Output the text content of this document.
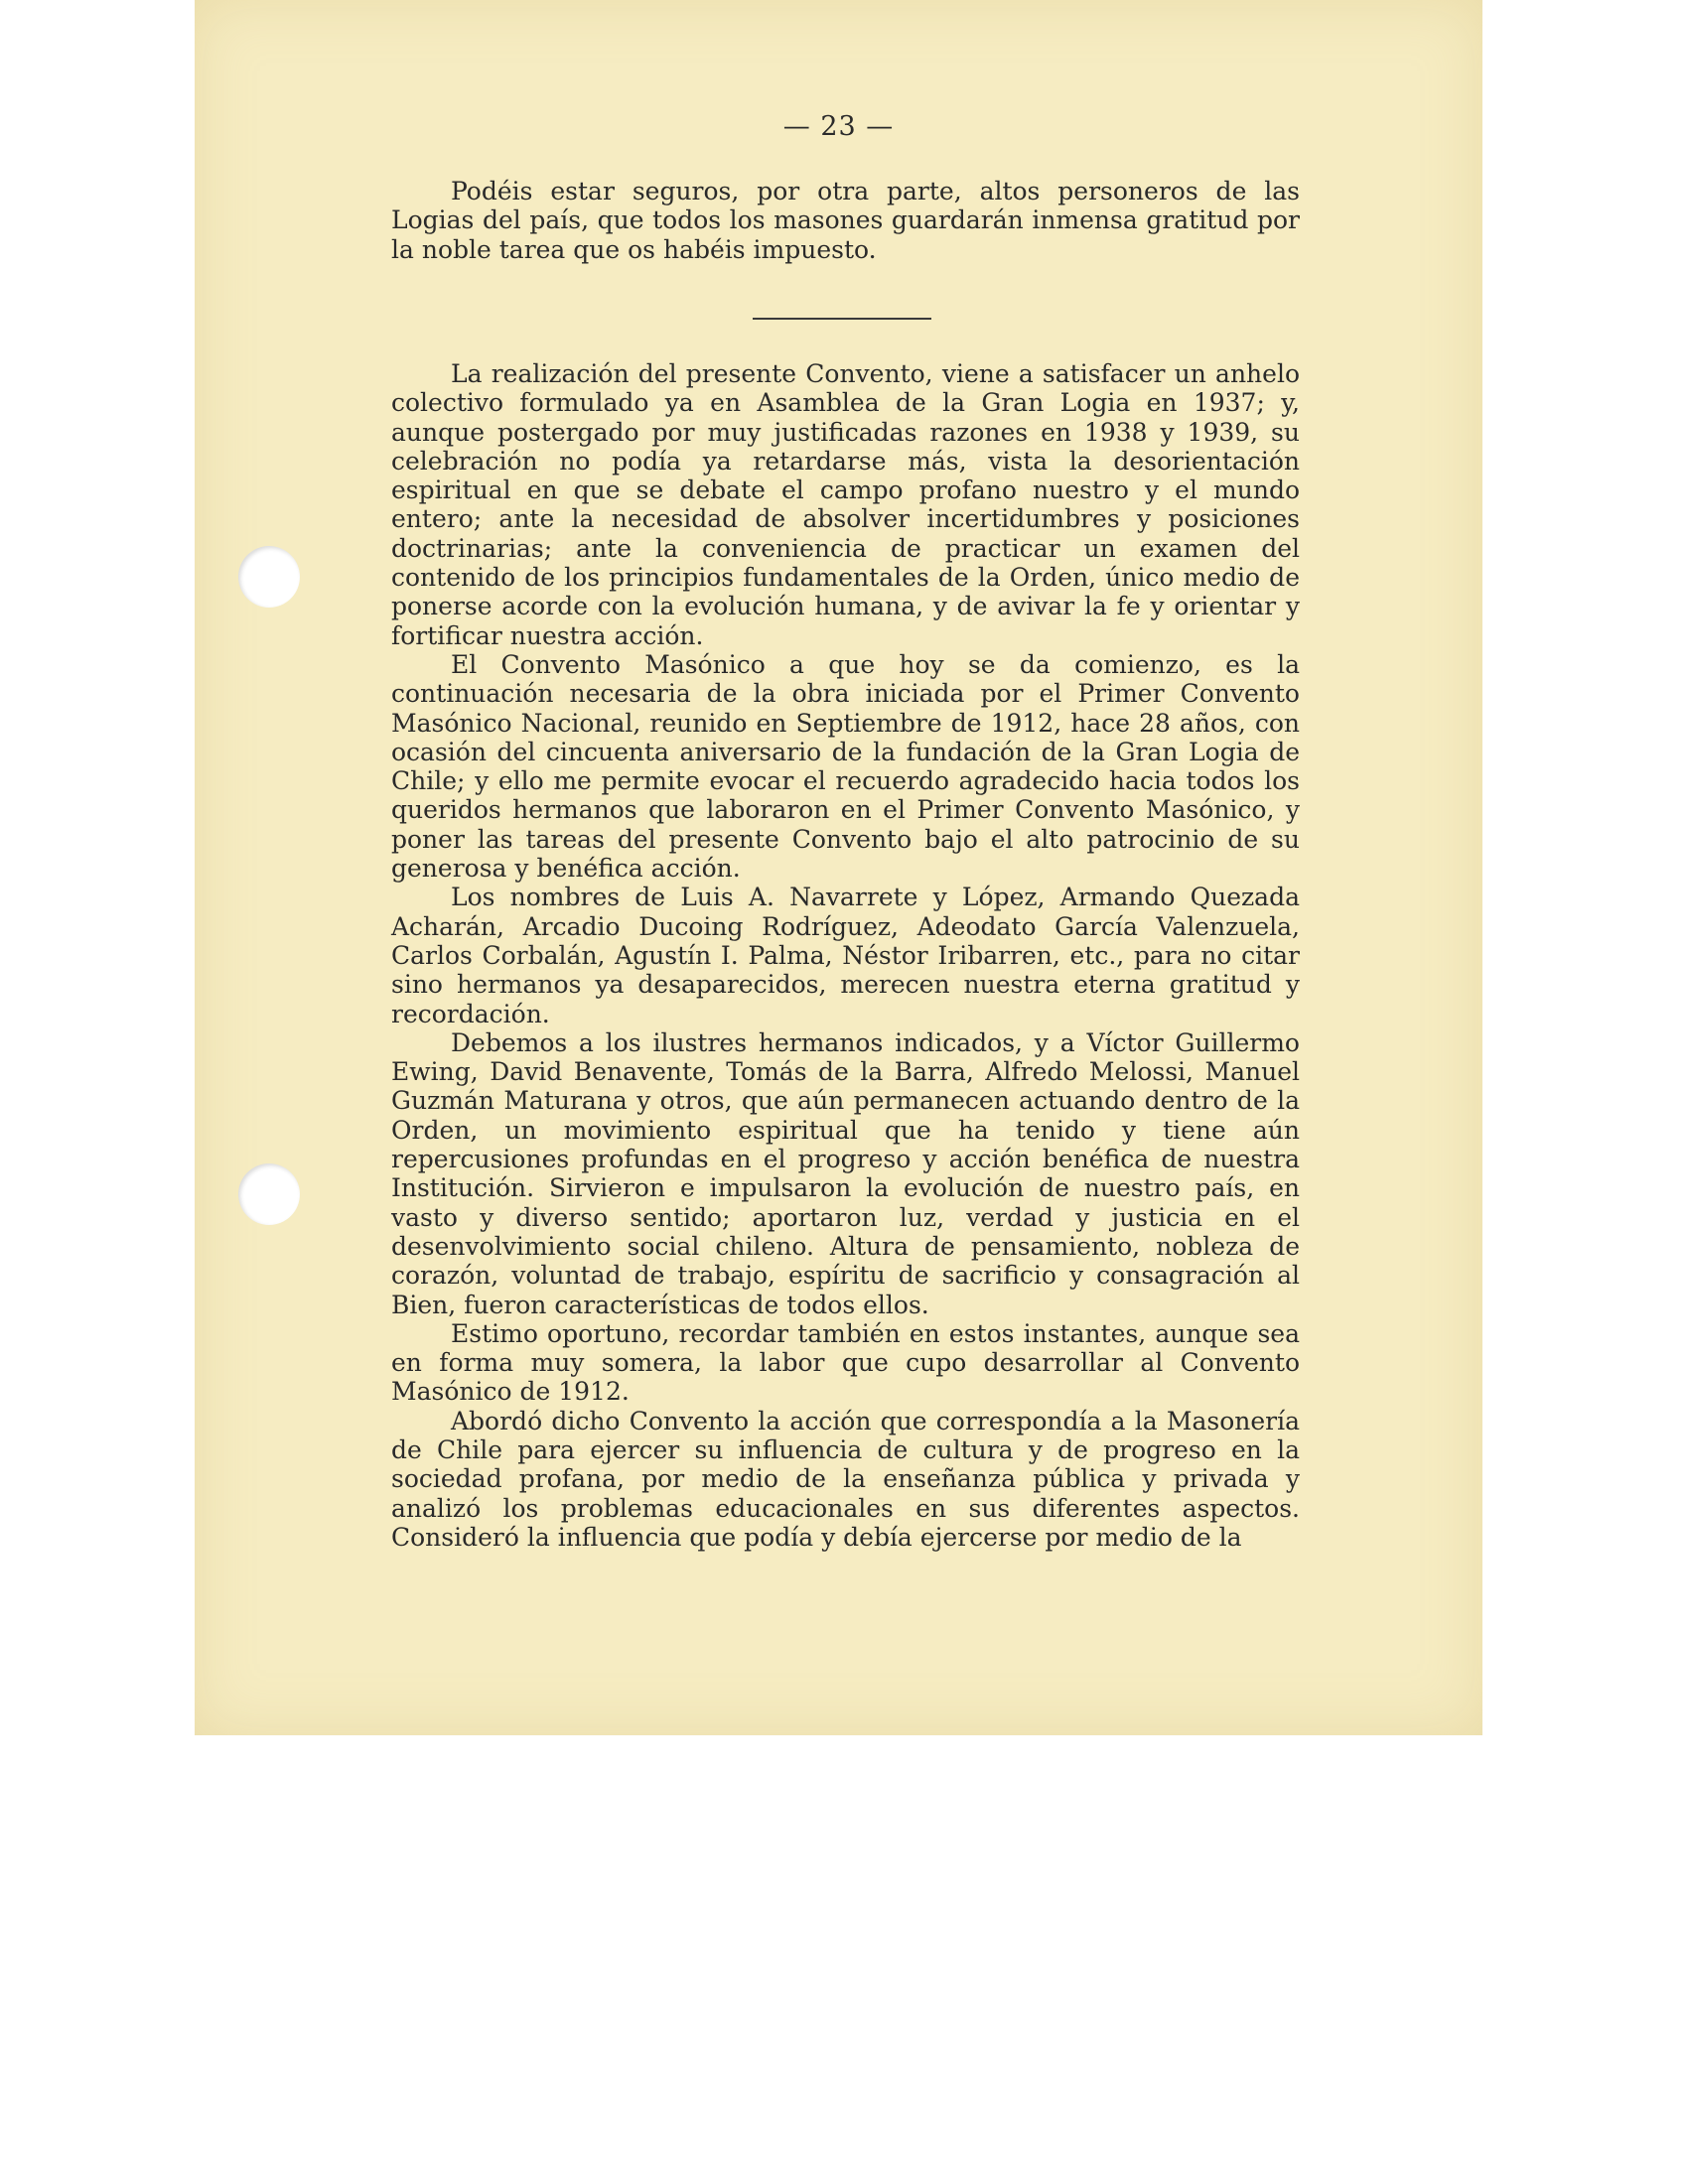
— 23 —

Podéis estar seguros, por otra parte, altos personeros de las Logias del país, que todos los masones guardarán inmensa gratitud por la noble tarea que os habéis impuesto.

La realización del presente Convento, viene a satisfacer un anhelo colectivo formulado ya en Asamblea de la Gran Logia en 1937; y, aunque postergado por muy justificadas razones en 1938 y 1939, su celebración no podía ya retardarse más, vista la desorientación espiritual en que se debate el campo profano nuestro y el mundo entero; ante la necesidad de absolver incertidumbres y posiciones doctrinarias; ante la conveniencia de practicar un examen del contenido de los principios fundamentales de la Orden, único medio de ponerse acorde con la evolución humana, y de avivar la fe y orientar y fortificar nuestra acción.

El Convento Masónico a que hoy se da comienzo, es la continuación necesaria de la obra iniciada por el Primer Convento Masónico Nacional, reunido en Septiembre de 1912, hace 28 años, con ocasión del cincuenta aniversario de la fundación de la Gran Logia de Chile; y ello me permite evocar el recuerdo agradecido hacia todos los queridos hermanos que laboraron en el Primer Convento Masónico, y poner las tareas del presente Convento bajo el alto patrocinio de su generosa y benéfica acción.

Los nombres de Luis A. Navarrete y López, Armando Quezada Acharán, Arcadio Ducoing Rodríguez, Adeodato García Valenzuela, Carlos Corbalán, Agustín I. Palma, Néstor Iribarren, etc., para no citar sino hermanos ya desaparecidos, merecen nuestra eterna gratitud y recordación.

Debemos a los ilustres hermanos indicados, y a Víctor Guillermo Ewing, David Benavente, Tomás de la Barra, Alfredo Melossi, Manuel Guzmán Maturana y otros, que aún permanecen actuando dentro de la Orden, un movimiento espiritual que ha tenido y tiene aún repercusiones profundas en el progreso y acción benéfica de nuestra Institución. Sirvieron e impulsaron la evolución de nuestro país, en vasto y diverso sentido; aportaron luz, verdad y justicia en el desenvolvimiento social chileno. Altura de pensamiento, nobleza de corazón, voluntad de trabajo, espíritu de sacrificio y consagración al Bien, fueron características de todos ellos.

Estimo oportuno, recordar también en estos instantes, aunque sea en forma muy somera, la labor que cupo desarrollar al Convento Masónico de 1912.

Abordó dicho Convento la acción que correspondía a la Masonería de Chile para ejercer su influencia de cultura y de progreso en la sociedad profana, por medio de la enseñanza pública y privada y analizó los problemas educacionales en sus diferentes aspectos. Consideró la influencia que podía y debía ejercerse por medio de la
